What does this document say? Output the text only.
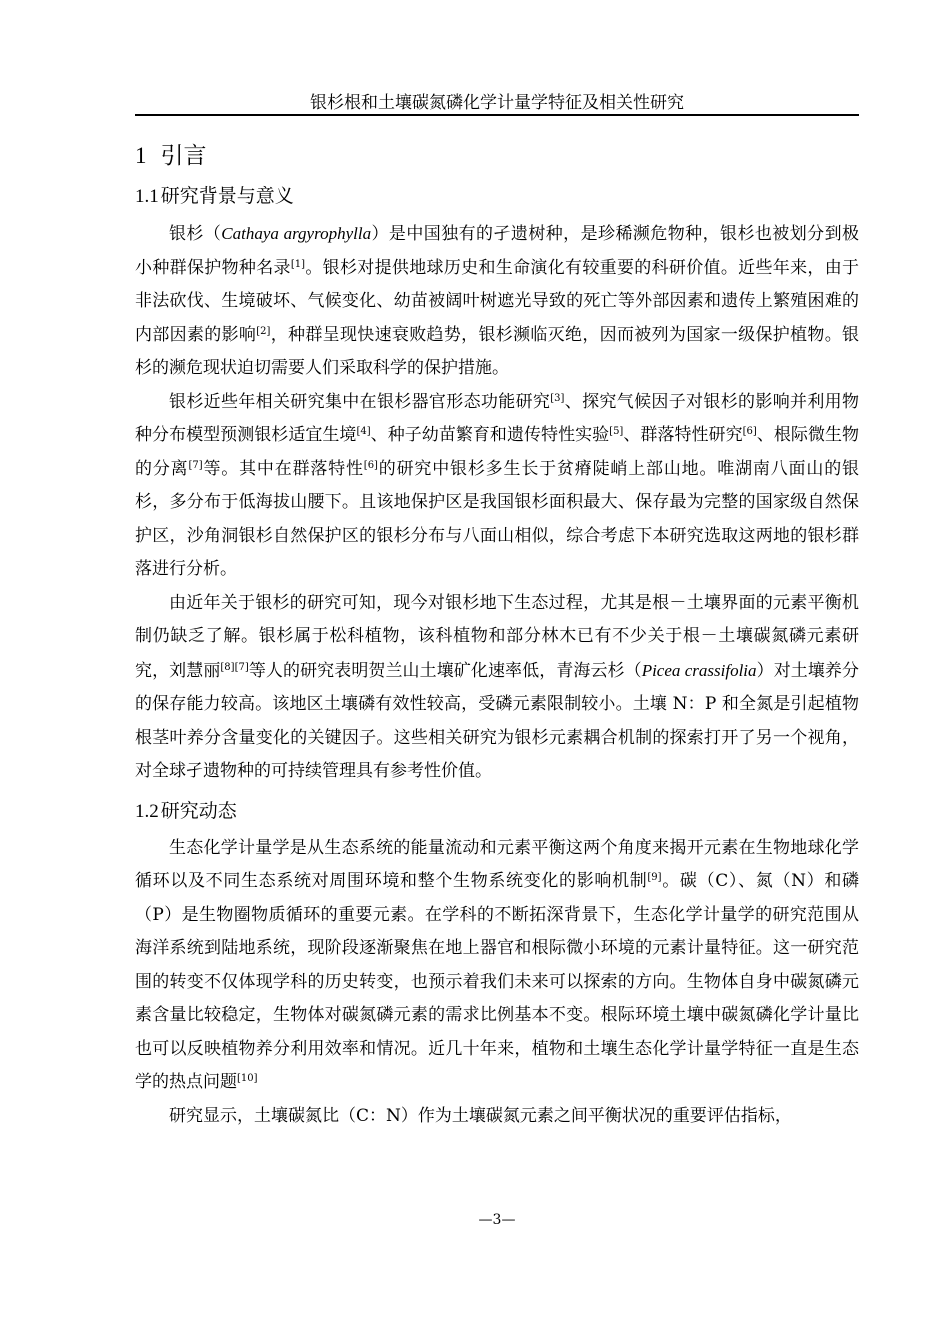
银杉根和土壤碳氮磷化学计量学特征及相关性研究
1 引言
1.1 研究背景与意义

银杉（Cathaya argyrophylla）是中国独有的孑遗树种，是珍稀濒危物种，银杉也被划分到极小种群保护物种名录[1]。银杉对提供地球历史和生命演化有较重要的科研价值。近些年来，由于非法砍伐、生境破坏、气候变化、幼苗被阔叶树遮光导致的死亡等外部因素和遗传上繁殖困难的内部因素的影响[2]，种群呈现快速衰败趋势，银杉濒临灭绝，因而被列为国家一级保护植物。银杉的濒危现状迫切需要人们采取科学的保护措施。

银杉近些年相关研究集中在银杉器官形态功能研究[3]、探究气候因子对银杉的影响并利用物种分布模型预测银杉适宜生境[4]、种子幼苗繁育和遗传特性实验[5]、群落特性研究[6]、根际微生物的分离[7]等。其中在群落特性[6]的研究中银杉多生长于贫瘠陡峭上部山地。唯湖南八面山的银杉，多分布于低海拔山腰下。且该地保护区是我国银杉面积最大、保存最为完整的国家级自然保护区，沙角洞银杉自然保护区的银杉分布与八面山相似，综合考虑下本研究选取这两地的银杉群落进行分析。

由近年关于银杉的研究可知，现今对银杉地下生态过程，尤其是根－土壤界面的元素平衡机制仍缺乏了解。银杉属于松科植物，该科植物和部分林木已有不少关于根－土壤碳氮磷元素研究，刘慧丽[8][7]等人的研究表明贺兰山土壤矿化速率低，青海云杉（Picea crassifolia）对土壤养分的保存能力较高。该地区土壤磷有效性较高，受磷元素限制较小。土壤 N：P 和全氮是引起植物根茎叶养分含量变化的关键因子。这些相关研究为银杉元素耦合机制的探索打开了另一个视角，对全球孑遗物种的可持续管理具有参考性价值。

1.2 研究动态

生态化学计量学是从生态系统的能量流动和元素平衡这两个角度来揭开元素在生物地球化学循环以及不同生态系统对周围环境和整个生物系统变化的影响机制[9]。碳（C）、氮（N）和磷（P）是生物圈物质循环的重要元素。在学科的不断拓深背景下，生态化学计量学的研究范围从海洋系统到陆地系统，现阶段逐渐聚焦在地上器官和根际微小环境的元素计量特征。这一研究范围的转变不仅体现学科的历史转变，也预示着我们未来可以探索的方向。生物体自身中碳氮磷元素含量比较稳定，生物体对碳氮磷元素的需求比例基本不变。根际环境土壤中碳氮磷化学计量比也可以反映植物养分利用效率和情况。近几十年来，植物和土壤生态化学计量学特征一直是生态学的热点问题[10]

研究显示，土壤碳氮比（C：N）作为土壤碳氮元素之间平衡状况的重要评估指标，

—3—
